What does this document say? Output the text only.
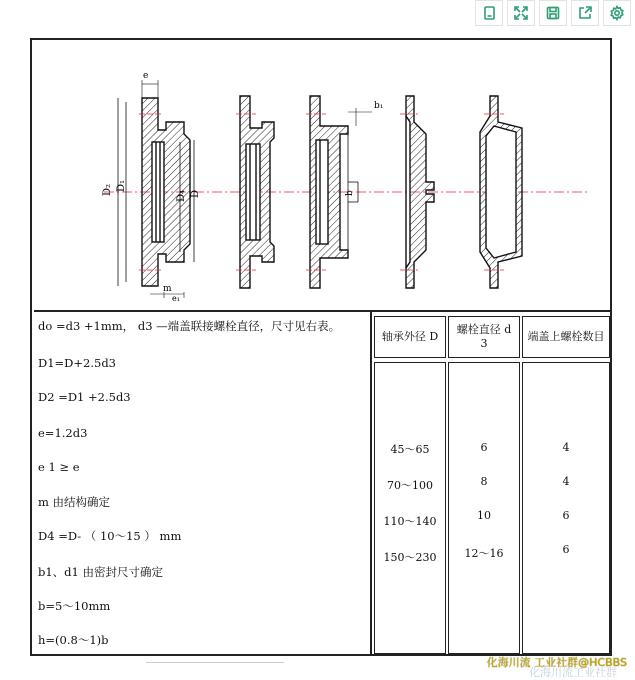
e
D₂ D₁
D₄ D
m
e₁
b₁
b
do =d3 +1mm， d3 —端盖联接螺栓直径，尺寸见右表。
D1=D+2.5d3
D2 =D1 +2.5d3
e=1.2d3
e 1 ≥ e
m 由结构确定
D4 =D- （ 10～15 ） mm
b1、d1 由密封尺寸确定
b=5～10mm
h=(0.8～1)b
轴承外径 D
45～65
70～100
110～140
150～230
螺栓直径 d 3
6
8
10
12～16
端盖上螺栓数目
4
4
6
6
化海川流工业社群
化海川流 工业社群@HCBBS
